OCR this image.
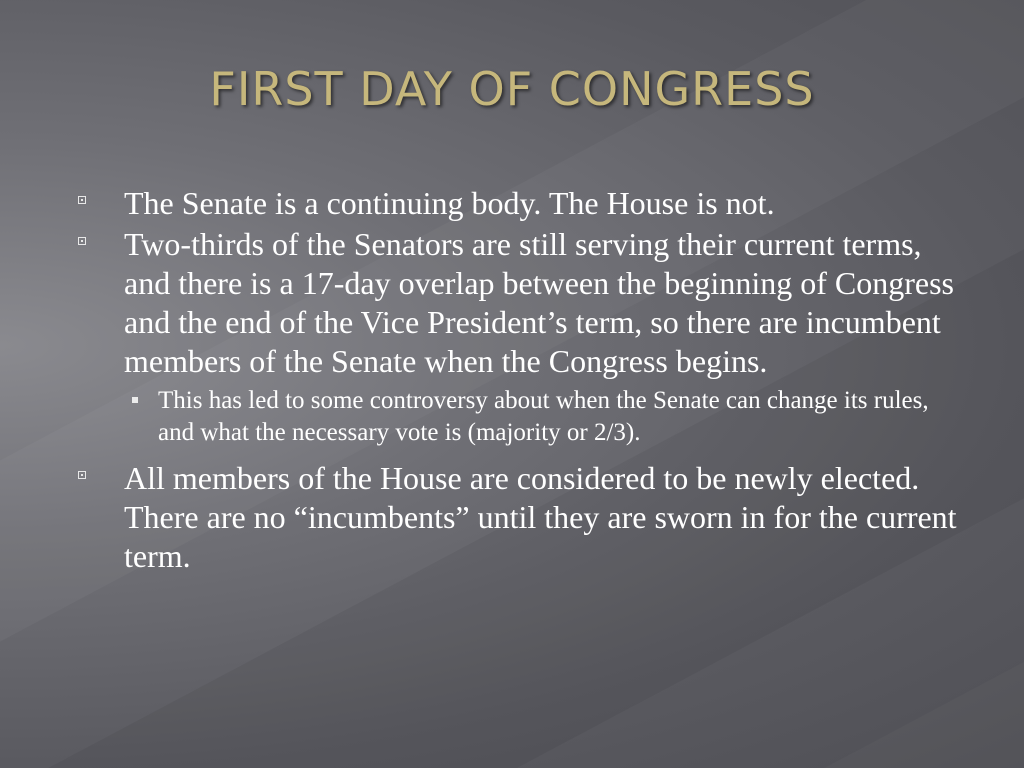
FIRST DAY OF CONGRESS
The Senate is a continuing body. The House is not.
Two-thirds of the Senators are still serving their current terms, and there is a 17-day overlap between the beginning of Congress and the end of the Vice President’s term, so there are incumbent members of the Senate when the Congress begins.
This has led to some controversy about when the Senate can change its rules, and what the necessary vote is (majority or 2/3).
All members of the House are considered to be newly elected. There are no “incumbents” until they are sworn in for the current term.
